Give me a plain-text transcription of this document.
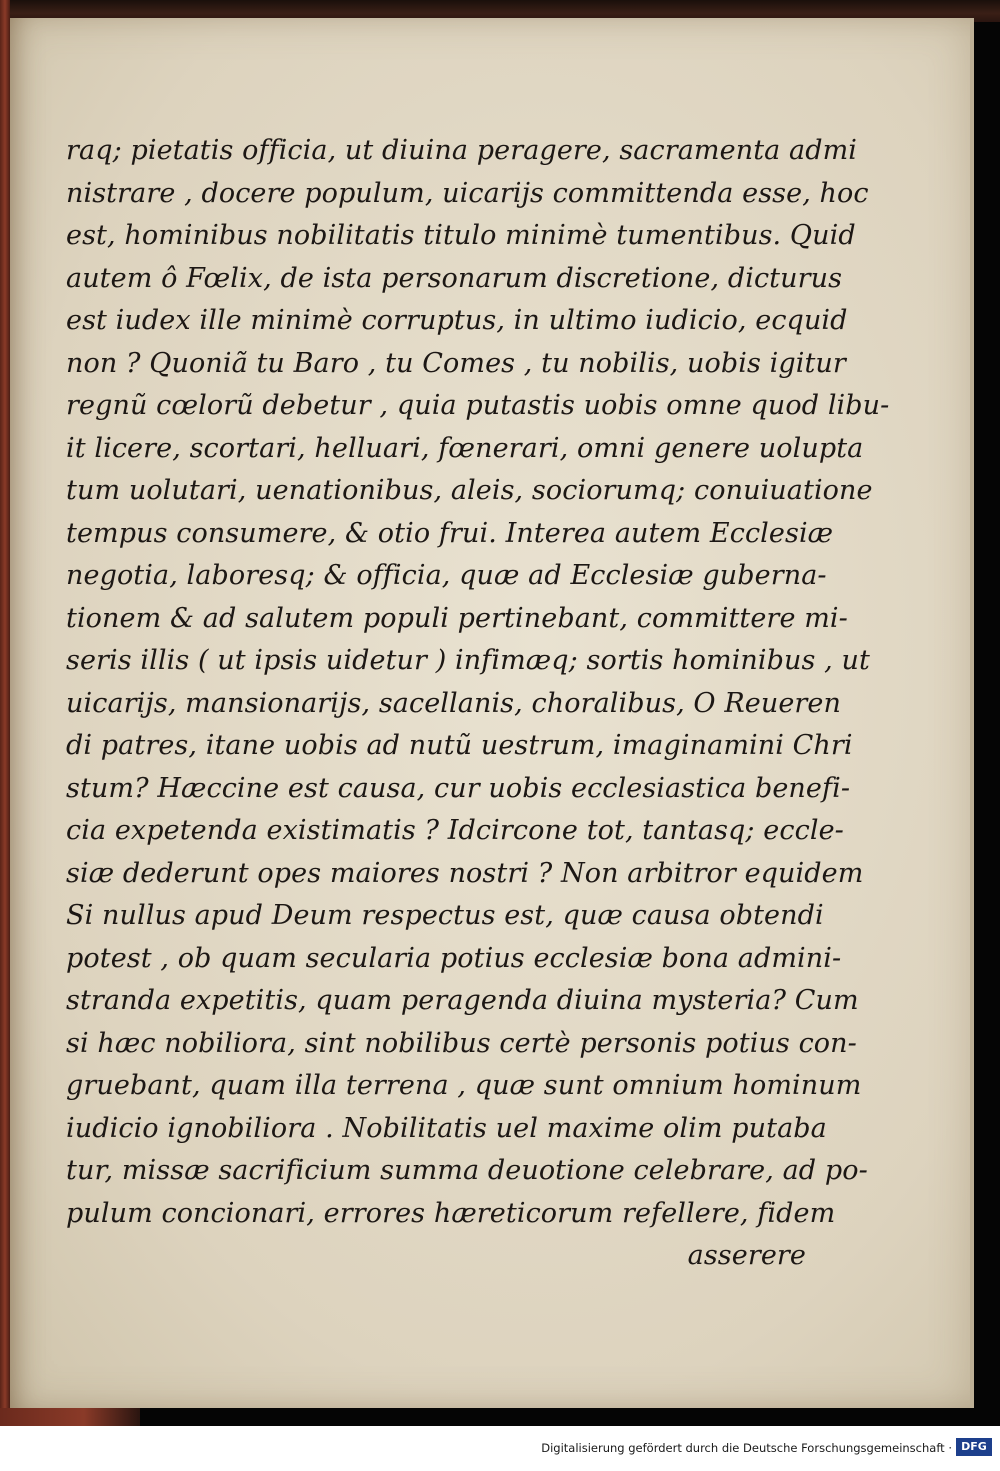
raq; pietatis officia, ut diuina peragere, sacramenta admi
nistrare , docere populum, uicarijs committenda esse, hoc
est, hominibus nobilitatis titulo minimè tumentibus. Quid
autem ô Fœlix, de ista personarum discretione, dicturus
est iudex ille minimè corruptus, in ultimo iudicio, ecquid
non ? Quoniã tu Baro , tu Comes , tu nobilis, uobis igitur
regnũ cœlorũ debetur , quia putastis uobis omne quod libu-
it licere, scortari, helluari, fœnerari, omni genere uolupta
tum uolutari, uenationibus, aleis, sociorumq; conuiuatione
tempus consumere, & otio frui. Interea autem Ecclesiæ
negotia, laboresq; & officia, quæ ad Ecclesiæ guberna-
tionem & ad salutem populi pertinebant, committere mi-
seris illis ( ut ipsis uidetur ) infimæq; sortis hominibus , ut
uicarijs, mansionarijs, sacellanis, choralibus, O Reueren
di patres, itane uobis ad nutũ uestrum, imaginamini Chri
stum? Hæccine est causa, cur uobis ecclesiastica benefi-
cia expetenda existimatis ? Idcircone tot, tantasq; eccle-
siæ dederunt opes maiores nostri ? Non arbitror equidem
Si nullus apud Deum respectus est, quæ causa obtendi
potest , ob quam secularia potius ecclesiæ bona admini-
stranda expetitis, quam peragenda diuina mysteria? Cum
si hæc nobiliora, sint nobilibus certè personis potius con-
gruebant, quam illa terrena , quæ sunt omnium hominum
iudicio ignobiliora . Nobilitatis uel maxime olim putaba
tur, missæ sacrificium summa deuotione celebrare, ad po-
pulum concionari, errores hæreticorum refellere, fidem
asserere
Digitalisierung gefördert durch die Deutsche Forschungsgemeinschaft · DFG
